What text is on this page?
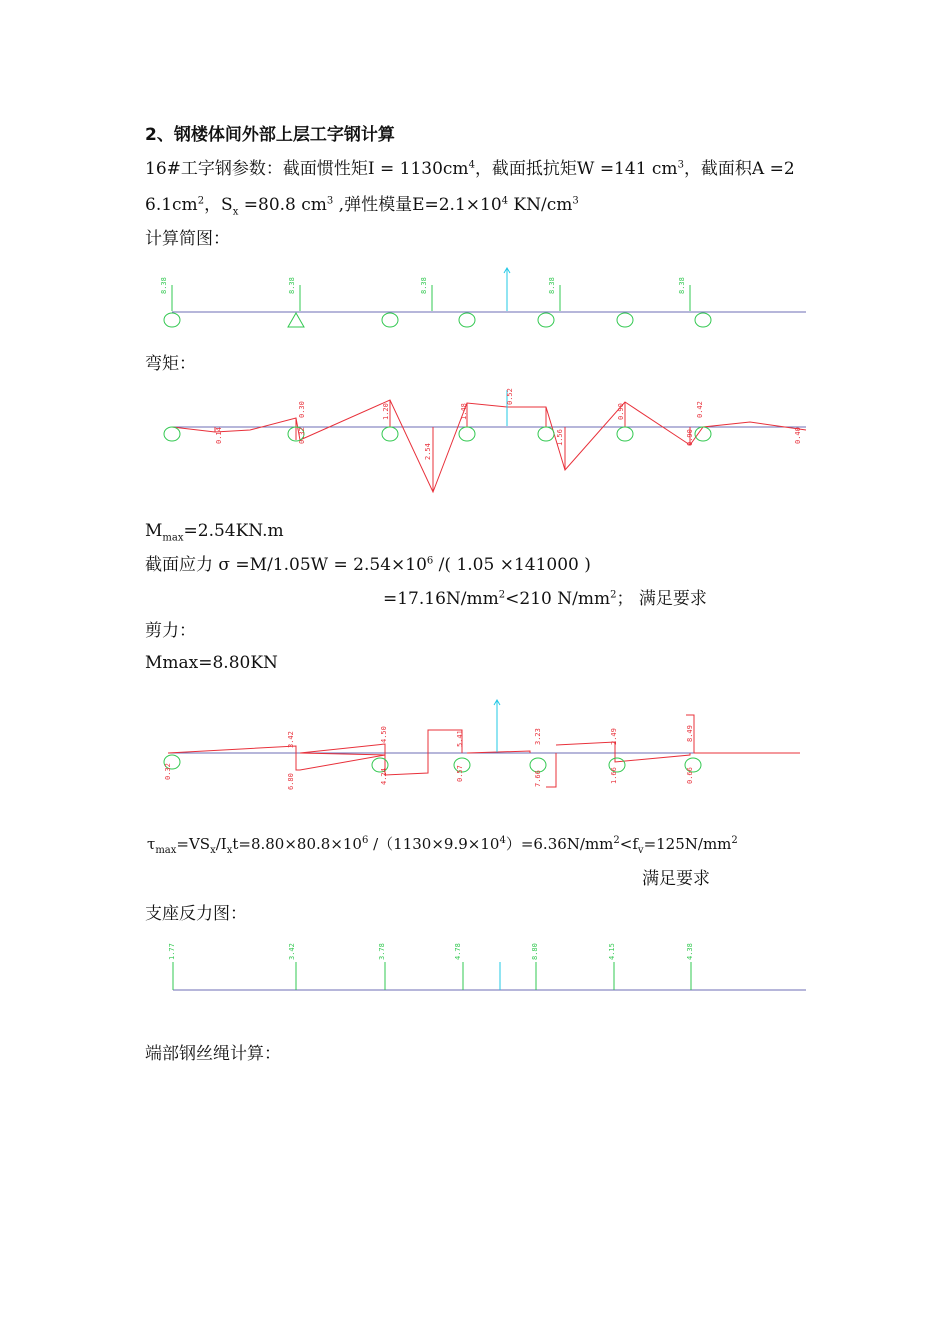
2、钢楼体间外部上层工字钢计算
16#工字钢参数：截面惯性矩$I = 1130cm^4$，截面抵抗矩W =141 $cm^3$，截面积A =2
$6.1cm^2$，$S_x =80.8$ $cm^3$ ,弹性模量$E=2.1\times 10^4$ $KN/cm^3$
计算简图：
8.38	8.38	8.38	8.38	8.38
0.14
0.30
0.32
1.20
2.54
1.48
0.52
1.56
0.90
0.90
0.42
0.40
0.32
6.80
3.42
4.24
4.50	5.41
0.57	7.66
3.23	2.49
1.66
8.49
0.66
1.77	3.42	3.78	4.78	8.80	4.15	4.38
弯矩：
$M_{max}=2.54KN.m$
截面应力 $\sigma =M/1.05W = 2.54\times 10^6$ /( 1.05 ×141000 )
$=17.16N/mm^2<210$ $N/mm^2$； 满足要求
剪力：
Mmax=8.80KN
$\tau_{max}=VS_x/I_xt=8.80\times 80.8\times 10^6$ $/(1130\times 9.9\times 10^4)=6.36N/mm^2<f_v=125N/mm^2$
满足要求
支座反力图：
端部钢丝绳计算：
